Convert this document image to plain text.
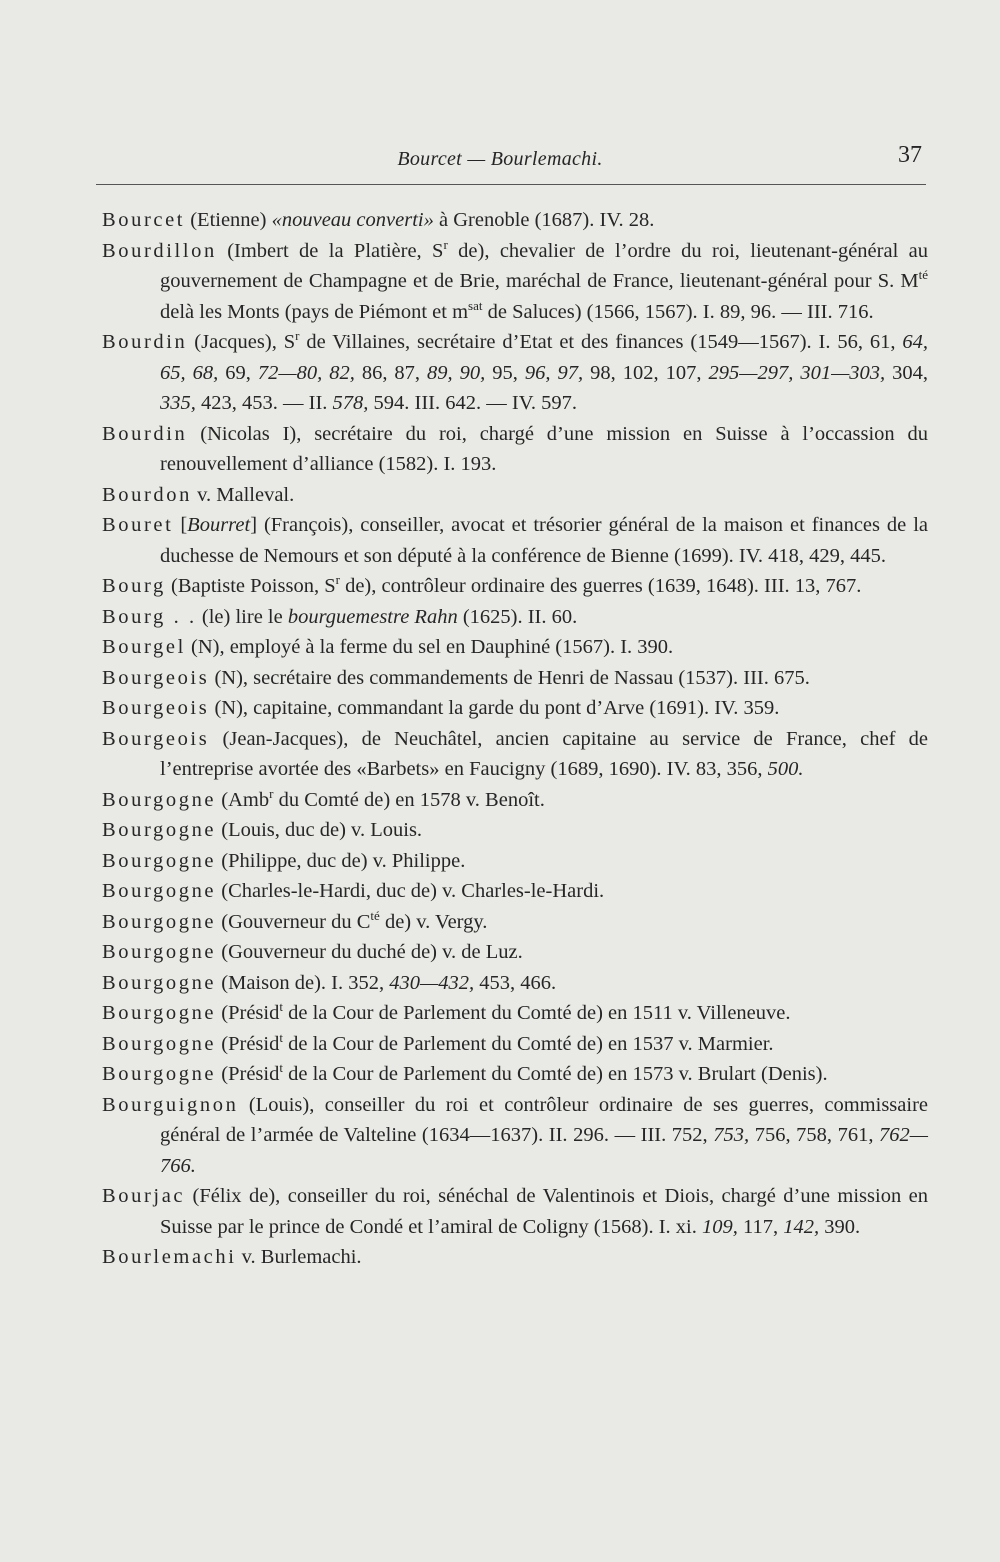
Bourcet — Bourlemachi.	37

Bourcet (Etienne) «nouveau converti» à Grenoble (1687). IV. 28.

Bourdillon (Imbert de la Platière, $S^r$ de), chevalier de l’ordre du roi, lieutenant-général au gouvernement de Champagne et de Brie, maréchal de France, lieutenant-général pour S. $M^{té}$ delà les Monts (pays de Piémont et $m^{sat}$ de Saluces) (1566, 1567). I. 89, 96. — III. 716.

Bourdin (Jacques), $S^r$ de Villaines, secrétaire d’Etat et des finances (1549—1567). I. 56, 61, 64, 65, 68, 69, 72—80, 82, 86, 87, 89, 90, 95, 96, 97, 98, 102, 107, 295—297, 301—303, 304, 335, 423, 453. — II. 578, 594. III. 642. — IV. 597.

Bourdin (Nicolas I), secrétaire du roi, chargé d’une mission en Suisse à l’occassion du renouvellement d’alliance (1582). I. 193.

Bourdon v. Malleval.

Bouret [Bourret] (François), conseiller, avocat et trésorier général de la maison et finances de la duchesse de Nemours et son député à la conférence de Bienne (1699). IV. 418, 429, 445.

Bourg (Baptiste Poisson, $S^r$ de), contrôleur ordinaire des guerres (1639, 1648). III. 13, 767.

Bourg . . (le) lire le bourguemestre Rahn (1625). II. 60.

Bourgel (N), employé à la ferme du sel en Dauphiné (1567). I. 390.

Bourgeois (N), secrétaire des commandements de Henri de Nassau (1537). III. 675.

Bourgeois (N), capitaine, commandant la garde du pont d’Arve (1691). IV. 359.

Bourgeois (Jean-Jacques), de Neuchâtel, ancien capitaine au service de France, chef de l’entreprise avortée des «Barbets» en Faucigny (1689, 1690). IV. 83, 356, 500.

Bourgogne (Amb$^r$ du Comté de) en 1578 v. Benoît.

Bourgogne (Louis, duc de) v. Louis.

Bourgogne (Philippe, duc de) v. Philippe.

Bourgogne (Charles-le-Hardi, duc de) v. Charles-le-Hardi.

Bourgogne (Gouverneur du $C^{té}$ de) v. Vergy.

Bourgogne (Gouverneur du duché de) v. de Luz.

Bourgogne (Maison de). I. 352, 430—432, 453, 466.

Bourgogne (Présid$^t$ de la Cour de Parlement du Comté de) en 1511 v. Villeneuve.

Bourgogne (Présid$^t$ de la Cour de Parlement du Comté de) en 1537 v. Marmier.

Bourgogne (Présid$^t$ de la Cour de Parlement du Comté de) en 1573 v. Brulart (Denis).

Bourguignon (Louis), conseiller du roi et contrôleur ordinaire de ses guerres, commissaire général de l’armée de Valteline (1634—1637). II. 296. — III. 752, 753, 756, 758, 761, 762—766.

Bourjac (Félix de), conseiller du roi, sénéchal de Valentinois et Diois, chargé d’une mission en Suisse par le prince de Condé et l’amiral de Coligny (1568). I. xi. 109, 117, 142, 390.

Bourlemachi v. Burlemachi.
